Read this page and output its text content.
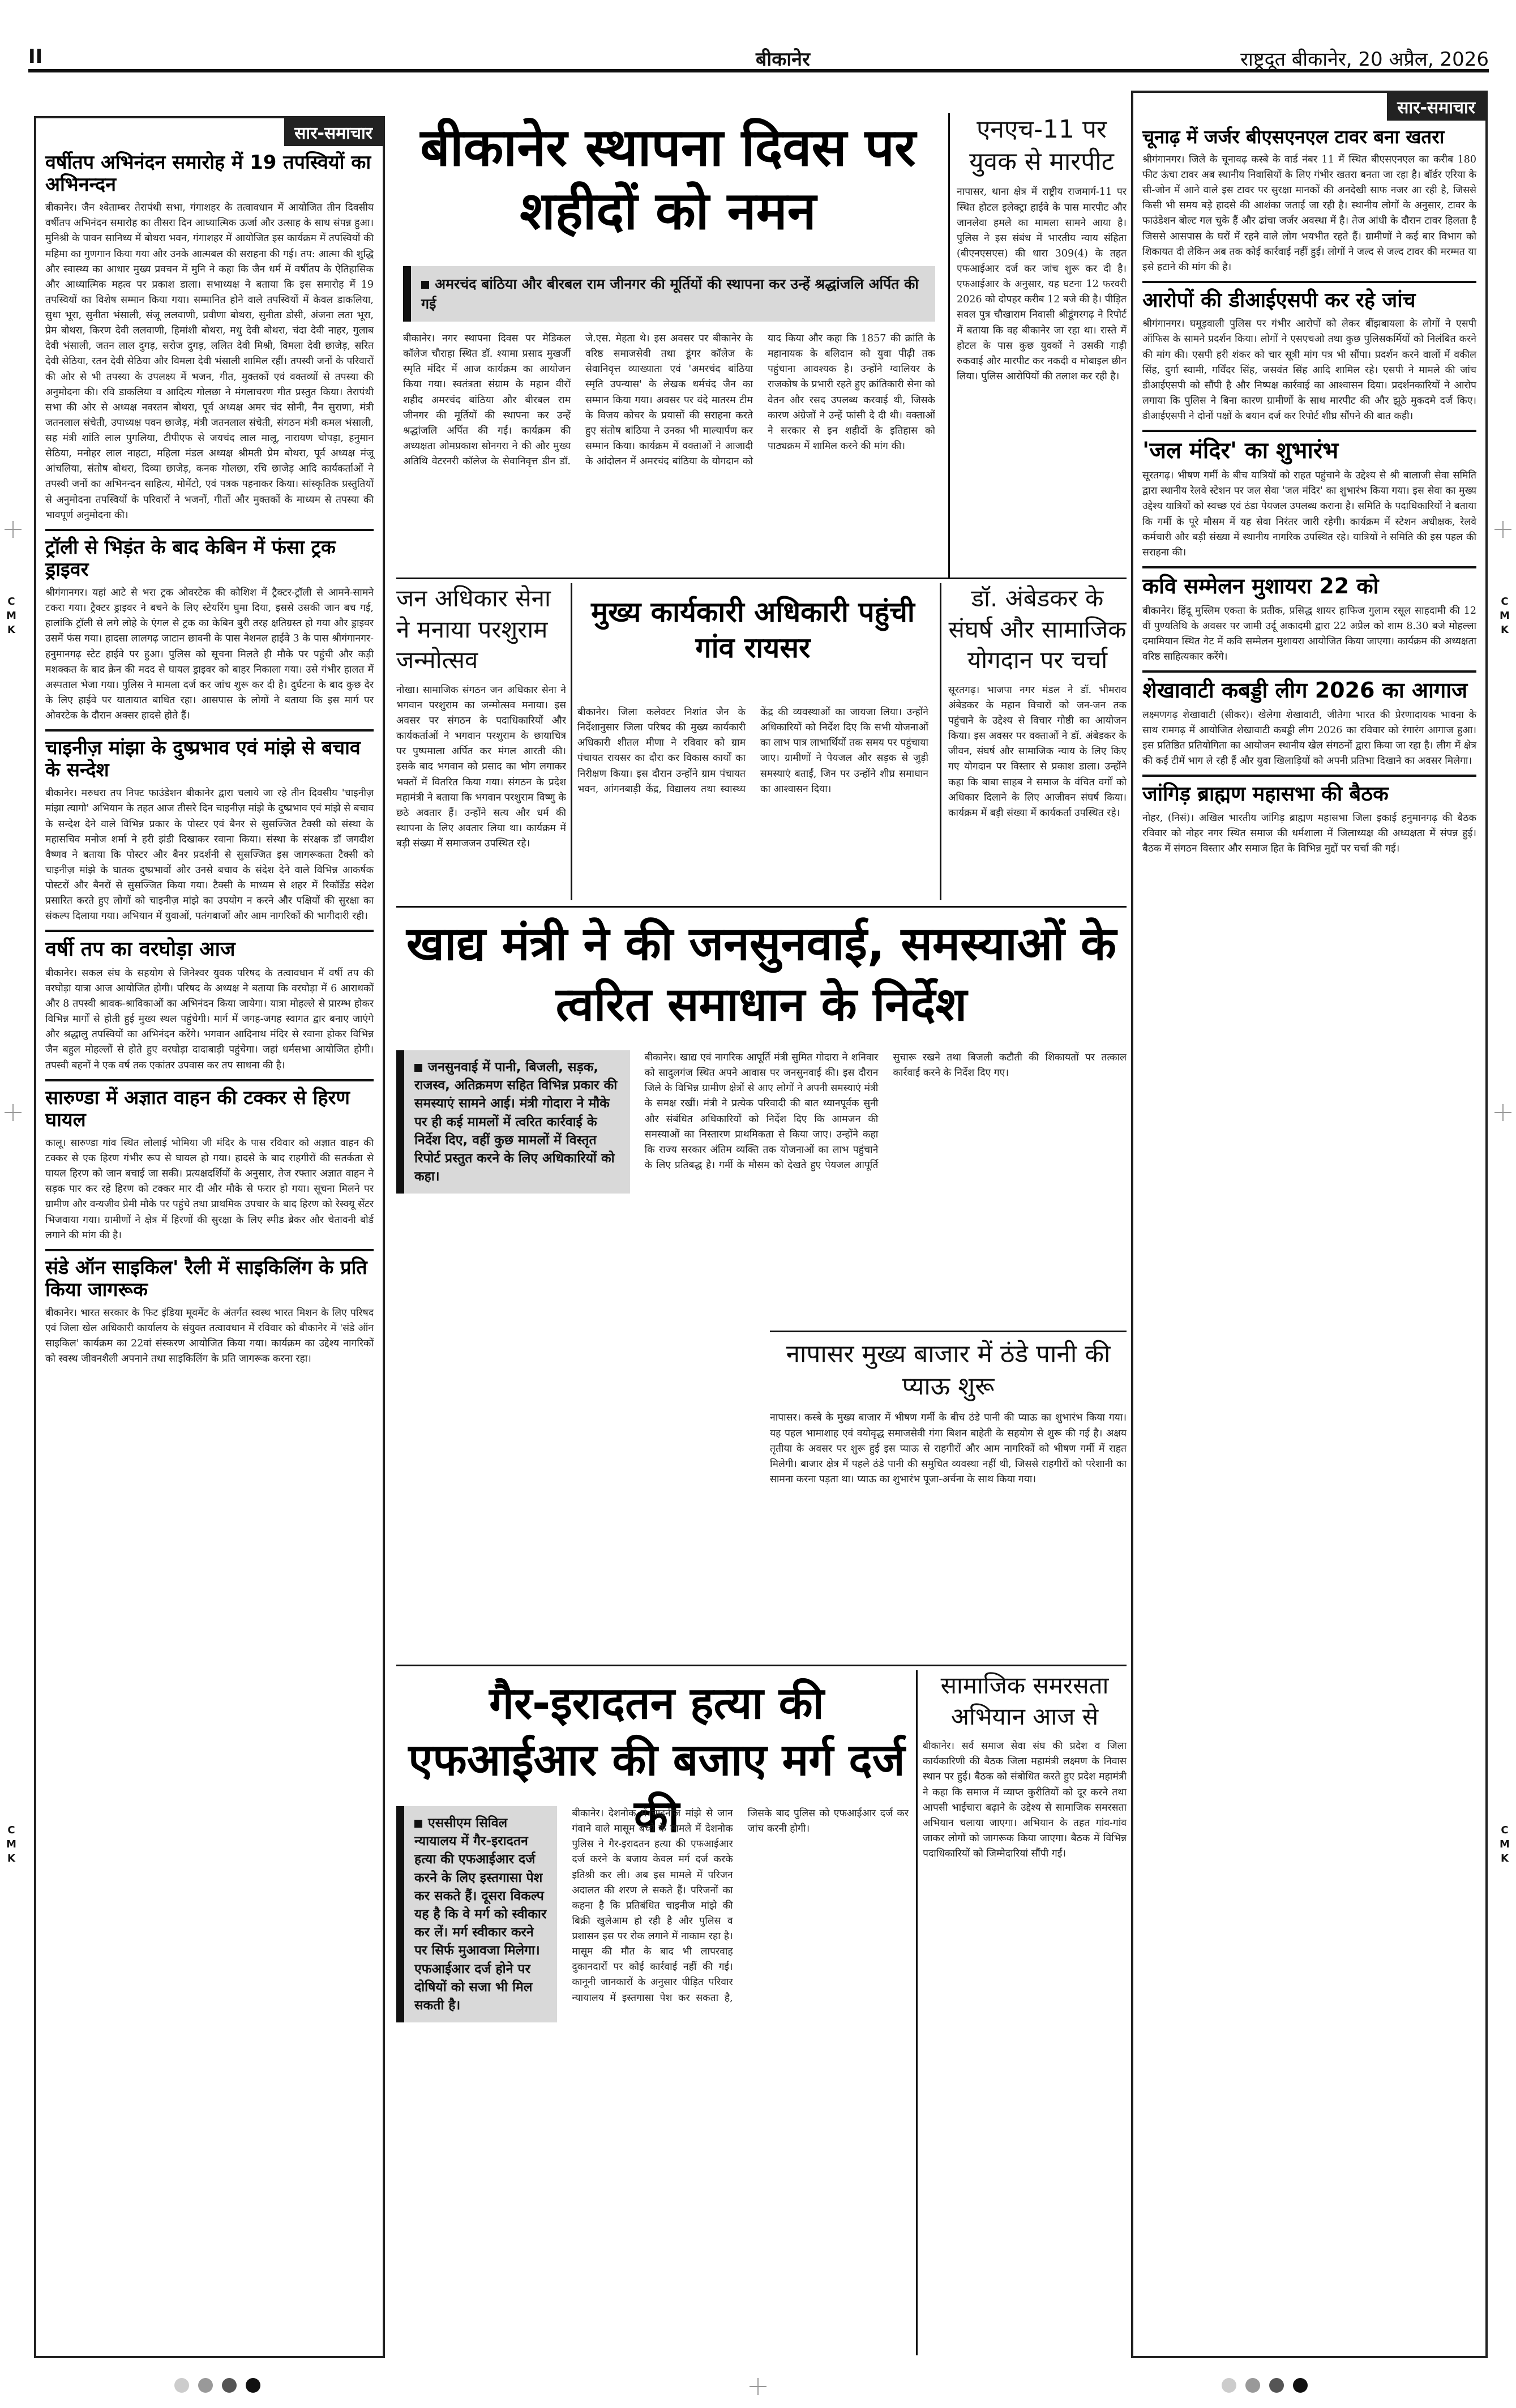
II	बीकानेर	राष्ट्रदूत बीकानेर, 20 अप्रैल, 2026
C M K
C M K
C M K
C M K
सार-समाचार
वर्षीतप अभिनंदन समारोह में 19 तपस्वियों का अभिनन्दन

बीकानेर। जैन श्वेताम्बर तेरापंथी सभा, गंगाशहर के तत्वावधान में आयोजित तीन दिवसीय वर्षीतप अभिनंदन समारोह का तीसरा दिन आध्यात्मिक ऊर्जा और उत्साह के साथ संपन्न हुआ। मुनिश्री के पावन सानिध्य में बोथरा भवन, गंगाशहर में आयोजित इस कार्यक्रम में तपस्वियों की महिमा का गुणगान किया गया और उनके आत्मबल की सराहना की गई। तप: आत्मा की शुद्धि और स्वास्थ्य का आधार मुख्य प्रवचन में मुनि ने कहा कि जैन धर्म में वर्षीतप के ऐतिहासिक और आध्यात्मिक महत्व पर प्रकाश डाला। सभाध्यक्ष ने बताया कि इस समारोह में 19 तपस्वियों का विशेष सम्मान किया गया। सम्मानित होने वाले तपस्वियों में केवल डाकलिया, सुधा भूरा, सुनीता भंसाली, संजू ललवाणी, प्रवीणा बोथरा, सुनीता डोसी, अंजना लता भूरा, प्रेम बोथरा, किरण देवी ललवाणी, हिमांशी बोथरा, मधु देवी बोथरा, चंदा देवी नाहर, गुलाब देवी भंसाली, जतन लाल दुगड़, सरोज दुगड़, ललित देवी मिश्री, विमला देवी छाजेड़, सरित देवी सेठिया, रतन देवी सेठिया और विमला देवी भंसाली शामिल रहीं। तपस्वी जनों के परिवारों की ओर से भी तपस्या के उपलक्ष्य में भजन, गीत, मुक्तकों एवं वक्तव्यों से तपस्या की अनुमोदना की। रवि डाकलिया व आदित्य गोलछा ने मंगलाचरण गीत प्रस्तुत किया। तेरापंथी सभा की ओर से अध्यक्ष नवरतन बोथरा, पूर्व अध्यक्ष अमर चंद सोनी, नैन सुराणा, मंत्री जतनलाल संचेती, उपाध्यक्ष पवन छाजेड़, मंत्री जतनलाल संचेती, संगठन मंत्री कमल भंसाली, सह मंत्री शांति लाल पुगलिया, टीपीएफ से जयचंद लाल मालू, नारायण चोपड़ा, हनुमान सेठिया, मनोहर लाल नाहटा, महिला मंडल अध्यक्ष श्रीमती प्रेम बोथरा, पूर्व अध्यक्ष मंजू आंचलिया, संतोष बोथरा, दिव्या छाजेड़, कनक गोलछा, रचि छाजेड़ आदि कार्यकर्ताओं ने तपस्वी जनों का अभिनन्दन साहित्य, मोमेंटो, एवं पत्रक पहनाकर किया। सांस्कृतिक प्रस्तुतियों से अनुमोदना तपस्वियों के परिवारों ने भजनों, गीतों और मुक्तकों के माध्यम से तपस्या की भावपूर्ण अनुमोदना की।

ट्रॉली से भिड़ंत के बाद केबिन में फंसा ट्रक ड्राइवर

श्रीगंगानगर। यहां आटे से भरा ट्रक ओवरटेक की कोशिश में ट्रैक्टर-ट्रॉली से आमने-सामने टकरा गया। ट्रैक्टर ड्राइवर ने बचने के लिए स्टेयरिंग घुमा दिया, इससे उसकी जान बच गई, हालांकि ट्रॉली से लगे लोहे के एंगल से ट्रक का केबिन बुरी तरह क्षतिग्रस्त हो गया और ड्राइवर उसमें फंस गया। हादसा लालगढ़ जाटान छावनी के पास नेशनल हाईवे 3 के पास श्रीगंगानगर-हनुमानगढ़ स्टेट हाईवे पर हुआ। पुलिस को सूचना मिलते ही मौके पर पहुंची और कड़ी मशक्कत के बाद क्रेन की मदद से घायल ड्राइवर को बाहर निकाला गया। उसे गंभीर हालत में अस्पताल भेजा गया। पुलिस ने मामला दर्ज कर जांच शुरू कर दी है। दुर्घटना के बाद कुछ देर के लिए हाईवे पर यातायात बाधित रहा। आसपास के लोगों ने बताया कि इस मार्ग पर ओवरटेक के दौरान अक्सर हादसे होते हैं।

चाइनीज़ मांझा के दुष्प्रभाव एवं मांझे से बचाव के सन्देश

बीकानेर। मरुधरा तप निफ्ट फाउंडेशन बीकानेर द्वारा चलाये जा रहे तीन दिवसीय 'चाइनीज़ मांझा त्यागो' अभियान के तहत आज तीसरे दिन चाइनीज़ मांझे के दुष्प्रभाव एवं मांझे से बचाव के सन्देश देने वाले विभिन्न प्रकार के पोस्टर एवं बैनर से सुसज्जित टैक्सी को संस्था के महासचिव मनोज शर्मा ने हरी झंडी दिखाकर रवाना किया। संस्था के संरक्षक डॉ जगदीश वैष्णव ने बताया कि पोस्टर और बैनर प्रदर्शनी से सुसज्जित इस जागरूकता टैक्सी को चाइनीज़ मांझे के घातक दुष्प्रभावों और उनसे बचाव के संदेश देने वाले विभिन्न आकर्षक पोस्टरों और बैनरों से सुसज्जित किया गया। टैक्सी के माध्यम से शहर में रिकॉर्डेड संदेश प्रसारित करते हुए लोगों को चाइनीज़ मांझे का उपयोग न करने और पक्षियों की सुरक्षा का संकल्प दिलाया गया। अभियान में युवाओं, पतंगबाजों और आम नागरिकों की भागीदारी रही।

वर्षी तप का वरघोड़ा आज

बीकानेर। सकल संघ के सहयोग से जिनेश्वर युवक परिषद के तत्वावधान में वर्षी तप की वरघोड़ा यात्रा आज आयोजित होगी। परिषद के अध्यक्ष ने बताया कि वरघोड़ा में 6 आराधकों और 8 तपस्वी श्रावक-श्राविकाओं का अभिनंदन किया जायेगा। यात्रा मोहल्ले से प्रारम्भ होकर विभिन्न मार्गों से होती हुई मुख्य स्थल पहुंचेगी। मार्ग में जगह-जगह स्वागत द्वार बनाए जाएंगे और श्रद्धालु तपस्वियों का अभिनंदन करेंगे। भगवान आदिनाथ मंदिर से रवाना होकर विभिन्न जैन बहुल मोहल्लों से होते हुए वरघोड़ा दादाबाड़ी पहुंचेगा। जहां धर्मसभा आयोजित होगी। तपस्वी बहनों ने एक वर्ष तक एकांतर उपवास कर तप साधना की है।

सारुण्डा में अज्ञात वाहन की टक्कर से हिरण घायल

कालू। सारुण्डा गांव स्थित लोलाई भोमिया जी मंदिर के पास रविवार को अज्ञात वाहन की टक्कर से एक हिरण गंभीर रूप से घायल हो गया। हादसे के बाद राहगीरों की सतर्कता से घायल हिरण को जान बचाई जा सकी। प्रत्यक्षदर्शियों के अनुसार, तेज रफ्तार अज्ञात वाहन ने सड़क पार कर रहे हिरण को टक्कर मार दी और मौके से फरार हो गया। सूचना मिलने पर ग्रामीण और वन्यजीव प्रेमी मौके पर पहुंचे तथा प्राथमिक उपचार के बाद हिरण को रेस्क्यू सेंटर भिजवाया गया। ग्रामीणों ने क्षेत्र में हिरणों की सुरक्षा के लिए स्पीड ब्रेकर और चेतावनी बोर्ड लगाने की मांग की है।

संडे ऑन साइकिल' रैली में साइकिलिंग के प्रति किया जागरूक

बीकानेर। भारत सरकार के फिट इंडिया मूवमेंट के अंतर्गत स्वस्थ भारत मिशन के लिए परिषद एवं जिला खेल अधिकारी कार्यालय के संयुक्त तत्वावधान में रविवार को बीकानेर में 'संडे ऑन साइकिल' कार्यक्रम का 22वां संस्करण आयोजित किया गया। कार्यक्रम का उद्देश्य नागरिकों को स्वस्थ जीवनशैली अपनाने तथा साइकिलिंग के प्रति जागरूक करना रहा।

बीकानेर स्थापना दिवस पर शहीदों को नमन
अमरचंद बांठिया और बीरबल राम जीनगर की मूर्तियों की स्थापना कर उन्हें श्रद्धांजलि अर्पित की गई

बीकानेर। नगर स्थापना दिवस पर मेडिकल कॉलेज चौराहा स्थित डॉ. श्यामा प्रसाद मुखर्जी स्मृति मंदिर में आज कार्यक्रम का आयोजन किया गया। स्वतंत्रता संग्राम के महान वीरों शहीद अमरचंद बांठिया और बीरबल राम जीनगर की मूर्तियों की स्थापना कर उन्हें श्रद्धांजलि अर्पित की गई। कार्यक्रम की अध्यक्षता ओमप्रकाश सोनगरा ने की और मुख्य अतिथि वेटरनरी कॉलेज के सेवानिवृत्त डीन डॉ. जे.एस. मेहता थे। इस अवसर पर बीकानेर के वरिष्ठ समाजसेवी तथा डूंगर कॉलेज के सेवानिवृत्त व्याख्याता एवं 'अमरचंद बांठिया स्मृति उपन्यास' के लेखक धर्मचंद जैन का सम्मान किया गया। अवसर पर वंदे मातरम टीम के विजय कोचर के प्रयासों की सराहना करते हुए संतोष बांठिया ने उनका भी माल्यार्पण कर सम्मान किया। कार्यक्रम में वक्ताओं ने आजादी के आंदोलन में अमरचंद बांठिया के योगदान को याद किया और कहा कि 1857 की क्रांति के महानायक के बलिदान को युवा पीढ़ी तक पहुंचाना आवश्यक है। उन्होंने ग्वालियर के राजकोष के प्रभारी रहते हुए क्रांतिकारी सेना को वेतन और रसद उपलब्ध करवाई थी, जिसके कारण अंग्रेजों ने उन्हें फांसी दे दी थी। वक्ताओं ने सरकार से इन शहीदों के इतिहास को पाठ्यक्रम में शामिल करने की मांग की।

एनएच-11 पर युवक से मारपीट

नापासर, थाना क्षेत्र में राष्ट्रीय राजमार्ग-11 पर स्थित होटल इलेक्ट्रा हाईवे के पास मारपीट और जानलेवा हमले का मामला सामने आया है। पुलिस ने इस संबंध में भारतीय न्याय संहिता (बीएनएसएस) की धारा 309(4) के तहत एफआईआर दर्ज कर जांच शुरू कर दी है। एफआईआर के अनुसार, यह घटना 12 फरवरी 2026 को दोपहर करीब 12 बजे की है। पीड़ित सवल पुत्र चौखाराम निवासी श्रीडूंगरगढ़ ने रिपोर्ट में बताया कि वह बीकानेर जा रहा था। रास्ते में होटल के पास कुछ युवकों ने उसकी गाड़ी रुकवाई और मारपीट कर नकदी व मोबाइल छीन लिया। पुलिस आरोपियों की तलाश कर रही है।

जन अधिकार सेना ने मनाया परशुराम जन्मोत्सव

नोखा। सामाजिक संगठन जन अधिकार सेना ने भगवान परशुराम का जन्मोत्सव मनाया। इस अवसर पर संगठन के पदाधिकारियों और कार्यकर्ताओं ने भगवान परशुराम के छायाचित्र पर पुष्पमाला अर्पित कर मंगल आरती की। इसके बाद भगवान को प्रसाद का भोग लगाकर भक्तों में वितरित किया गया। संगठन के प्रदेश महामंत्री ने बताया कि भगवान परशुराम विष्णु के छठे अवतार हैं। उन्होंने सत्य और धर्म की स्थापना के लिए अवतार लिया था। कार्यक्रम में बड़ी संख्या में समाजजन उपस्थित रहे।

मुख्य कार्यकारी अधिकारी पहुंची गांव रायसर

बीकानेर। जिला कलेक्टर निशांत जैन के निर्देशानुसार जिला परिषद की मुख्य कार्यकारी अधिकारी शीतल मीणा ने रविवार को ग्राम पंचायत रायसर का दौरा कर विकास कार्यों का निरीक्षण किया। इस दौरान उन्होंने ग्राम पंचायत भवन, आंगनबाड़ी केंद्र, विद्यालय तथा स्वास्थ्य केंद्र की व्यवस्थाओं का जायजा लिया। उन्होंने अधिकारियों को निर्देश दिए कि सभी योजनाओं का लाभ पात्र लाभार्थियों तक समय पर पहुंचाया जाए। ग्रामीणों ने पेयजल और सड़क से जुड़ी समस्याएं बताईं, जिन पर उन्होंने शीघ्र समाधान का आश्वासन दिया।

डॉ. अंबेडकर के संघर्ष और सामाजिक योगदान पर चर्चा

सूरतगढ़। भाजपा नगर मंडल ने डॉ. भीमराव अंबेडकर के महान विचारों को जन-जन तक पहुंचाने के उद्देश्य से विचार गोष्ठी का आयोजन किया। इस अवसर पर वक्ताओं ने डॉ. अंबेडकर के जीवन, संघर्ष और सामाजिक न्याय के लिए किए गए योगदान पर विस्तार से प्रकाश डाला। उन्होंने कहा कि बाबा साहब ने समाज के वंचित वर्गों को अधिकार दिलाने के लिए आजीवन संघर्ष किया। कार्यक्रम में बड़ी संख्या में कार्यकर्ता उपस्थित रहे।

खाद्य मंत्री ने की जनसुनवाई, समस्याओं के त्वरित समाधान के निर्देश
जनसुनवाई में पानी, बिजली, सड़क, राजस्व, अतिक्रमण सहित विभिन्न प्रकार की समस्याएं सामने आई। मंत्री गोदारा ने मौके पर ही कई मामलों में त्वरित कार्रवाई के निर्देश दिए, वहीं कुछ मामलों में विस्तृत रिपोर्ट प्रस्तुत करने के लिए अधिकारियों को कहा।

बीकानेर। खाद्य एवं नागरिक आपूर्ति मंत्री सुमित गोदारा ने शनिवार को सादुलगंज स्थित अपने आवास पर जनसुनवाई की। इस दौरान जिले के विभिन्न ग्रामीण क्षेत्रों से आए लोगों ने अपनी समस्याएं मंत्री के समक्ष रखीं। मंत्री ने प्रत्येक परिवादी की बात ध्यानपूर्वक सुनी और संबंधित अधिकारियों को निर्देश दिए कि आमजन की समस्याओं का निस्तारण प्राथमिकता से किया जाए। उन्होंने कहा कि राज्य सरकार अंतिम व्यक्ति तक योजनाओं का लाभ पहुंचाने के लिए प्रतिबद्ध है। गर्मी के मौसम को देखते हुए पेयजल आपूर्ति सुचारू रखने तथा बिजली कटौती की शिकायतों पर तत्काल कार्रवाई करने के निर्देश दिए गए।

नापासर मुख्य बाजार में ठंडे पानी की प्याऊ शुरू

नापासर। कस्बे के मुख्य बाजार में भीषण गर्मी के बीच ठंडे पानी की प्याऊ का शुभारंभ किया गया। यह पहल भामाशाह एवं वयोवृद्ध समाजसेवी गंगा बिशन बाहेती के सहयोग से शुरू की गई है। अक्षय तृतीया के अवसर पर शुरू हुई इस प्याऊ से राहगीरों और आम नागरिकों को भीषण गर्मी में राहत मिलेगी। बाजार क्षेत्र में पहले ठंडे पानी की समुचित व्यवस्था नहीं थी, जिससे राहगीरों को परेशानी का सामना करना पड़ता था। प्याऊ का शुभारंभ पूजा-अर्चना के साथ किया गया।

गैर-इरादतन हत्या की एफआईआर की बजाए मर्ग दर्ज की
सामाजिक समरसता अभियान आज से

बीकानेर। सर्व समाज सेवा संघ की प्रदेश व जिला कार्यकारिणी की बैठक जिला महामंत्री लक्ष्मण के निवास स्थान पर हुई। बैठक को संबोधित करते हुए प्रदेश महामंत्री ने कहा कि समाज में व्याप्त कुरीतियों को दूर करने तथा आपसी भाईचारा बढ़ाने के उद्देश्य से सामाजिक समरसता अभियान चलाया जाएगा। अभियान के तहत गांव-गांव जाकर लोगों को जागरूक किया जाएगा। बैठक में विभिन्न पदाधिकारियों को जिम्मेदारियां सौंपी गईं।

एससीएम सिविल न्यायालय में गैर-इरादतन हत्या की एफआईआर दर्ज करने के लिए इस्तगासा पेश कर सकते हैं। दूसरा विकल्प यह है कि वे मर्ग को स्वीकार कर लें। मर्ग स्वीकार करने पर सिर्फ मुआवजा मिलेगा। एफआईआर दर्ज होने पर दोषियों को सजा भी मिल सकती है।

बीकानेर। देशनोक में चाइनीज मांझे से जान गंवाने वाले मासूम बच्चे के मामले में देशनोक पुलिस ने गैर-इरादतन हत्या की एफआईआर दर्ज करने के बजाय केवल मर्ग दर्ज करके इतिश्री कर ली। अब इस मामले में परिजन अदालत की शरण ले सकते हैं। परिजनों का कहना है कि प्रतिबंधित चाइनीज मांझे की बिक्री खुलेआम हो रही है और पुलिस व प्रशासन इस पर रोक लगाने में नाकाम रहा है। मासूम की मौत के बाद भी लापरवाह दुकानदारों पर कोई कार्रवाई नहीं की गई। कानूनी जानकारों के अनुसार पीड़ित परिवार न्यायालय में इस्तगासा पेश कर सकता है, जिसके बाद पुलिस को एफआईआर दर्ज कर जांच करनी होगी।

सार-समाचार
चूनाढ़ में जर्जर बीएसएनएल टावर बना खतरा

श्रीगंगानगर। जिले के चूनावढ़ कस्बे के वार्ड नंबर 11 में स्थित बीएसएनएल का करीब 180 फीट ऊंचा टावर अब स्थानीय निवासियों के लिए गंभीर खतरा बनता जा रहा है। बॉर्डर एरिया के सी-जोन में आने वाले इस टावर पर सुरक्षा मानकों की अनदेखी साफ नजर आ रही है, जिससे किसी भी समय बड़े हादसे की आशंका जताई जा रही है। स्थानीय लोगों के अनुसार, टावर के फाउंडेशन बोल्ट गल चुके हैं और ढांचा जर्जर अवस्था में है। तेज आंधी के दौरान टावर हिलता है जिससे आसपास के घरों में रहने वाले लोग भयभीत रहते हैं। ग्रामीणों ने कई बार विभाग को शिकायत दी लेकिन अब तक कोई कार्रवाई नहीं हुई। लोगों ने जल्द से जल्द टावर की मरम्मत या इसे हटाने की मांग की है।

आरोपों की डीआईएसपी कर रहे जांच

श्रीगंगानगर। घमूड़वाली पुलिस पर गंभीर आरोपों को लेकर बींझबायला के लोगों ने एसपी ऑफिस के सामने प्रदर्शन किया। लोगों ने एसएचओ तथा कुछ पुलिसकर्मियों को निलंबित करने की मांग की। एसपी हरी शंकर को चार सूत्री मांग पत्र भी सौंपा। प्रदर्शन करने वालों में वकील सिंह, दुर्गा स्वामी, गर्विंदर सिंह, जसवंत सिंह आदि शामिल रहे। एसपी ने मामले की जांच डीआईएसपी को सौंपी है और निष्पक्ष कार्रवाई का आश्वासन दिया। प्रदर्शनकारियों ने आरोप लगाया कि पुलिस ने बिना कारण ग्रामीणों के साथ मारपीट की और झूठे मुकदमे दर्ज किए। डीआईएसपी ने दोनों पक्षों के बयान दर्ज कर रिपोर्ट शीघ्र सौंपने की बात कही।

'जल मंदिर' का शुभारंभ

सूरतगढ़। भीषण गर्मी के बीच यात्रियों को राहत पहुंचाने के उद्देश्य से श्री बालाजी सेवा समिति द्वारा स्थानीय रेलवे स्टेशन पर जल सेवा 'जल मंदिर' का शुभारंभ किया गया। इस सेवा का मुख्य उद्देश्य यात्रियों को स्वच्छ एवं ठंडा पेयजल उपलब्ध कराना है। समिति के पदाधिकारियों ने बताया कि गर्मी के पूरे मौसम में यह सेवा निरंतर जारी रहेगी। कार्यक्रम में स्टेशन अधीक्षक, रेलवे कर्मचारी और बड़ी संख्या में स्थानीय नागरिक उपस्थित रहे। यात्रियों ने समिति की इस पहल की सराहना की।

कवि सम्मेलन मुशायरा 22 को

बीकानेर। हिंदू मुस्लिम एकता के प्रतीक, प्रसिद्ध शायर हाफिज गुलाम रसूल साहदामी की 12 वीं पुण्यतिथि के अवसर पर जामी उर्दू अकादमी द्वारा 22 अप्रैल को शाम 8.30 बजे मोहल्ला दमामियान स्थित गेट में कवि सम्मेलन मुशायरा आयोजित किया जाएगा। कार्यक्रम की अध्यक्षता वरिष्ठ साहित्यकार करेंगे।

शेखावाटी कबड्डी लीग 2026 का आगाज

लक्ष्मणगढ़ शेखावाटी (सीकर)। खेलेगा शेखावाटी, जीतेगा भारत की प्रेरणादायक भावना के साथ रामगढ़ में आयोजित शेखावाटी कबड्डी लीग 2026 का रविवार को रंगारंग आगाज हुआ। इस प्रतिष्ठित प्रतियोगिता का आयोजन स्थानीय खेल संगठनों द्वारा किया जा रहा है। लीग में क्षेत्र की कई टीमें भाग ले रही हैं और युवा खिलाड़ियों को अपनी प्रतिभा दिखाने का अवसर मिलेगा।

जांगिड़ ब्राह्मण महासभा की बैठक

नोहर, (निसं)। अखिल भारतीय जांगिड़ ब्राह्मण महासभा जिला इकाई हनुमानगढ़ की बैठक रविवार को नोहर नगर स्थित समाज की धर्मशाला में जिलाध्यक्ष की अध्यक्षता में संपन्न हुई। बैठक में संगठन विस्तार और समाज हित के विभिन्न मुद्दों पर चर्चा की गई।
